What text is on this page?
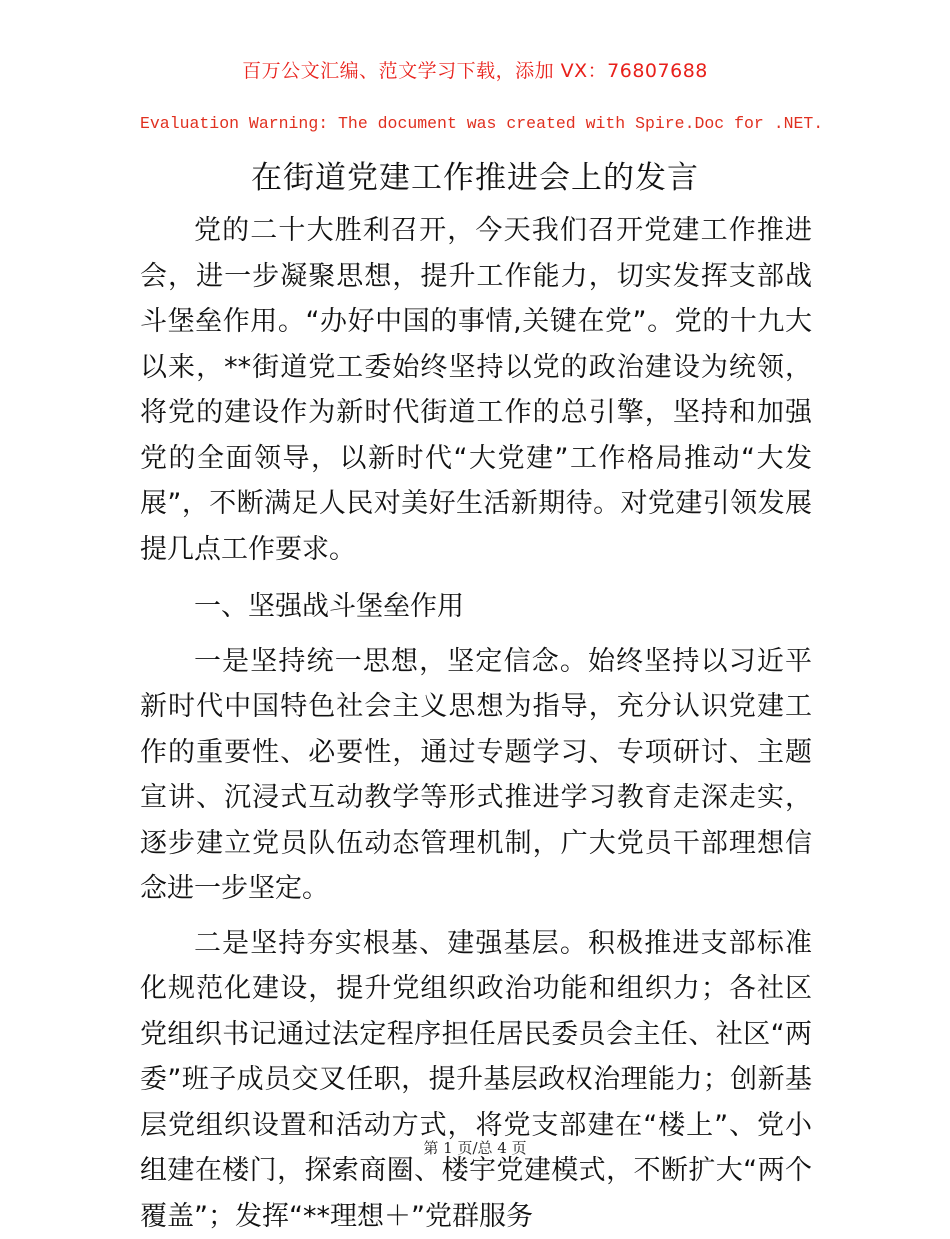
百万公文汇编、范文学习下载，添加 VX：76807688
Evaluation Warning: The document was created with Spire.Doc for .NET.
在街道党建工作推进会上的发言

党的二十大胜利召开，今天我们召开党建工作推进会，进一步凝聚思想，提升工作能力，切实发挥支部战斗堡垒作用。“办好中国的事情,关键在党”。党的十九大以来，**街道党工委始终坚持以党的政治建设为统领，将党的建设作为新时代街道工作的总引擎，坚持和加强党的全面领导，以新时代“大党建”工作格局推动“大发展”，不断满足人民对美好生活新期待。对党建引领发展提几点工作要求。

一、坚强战斗堡垒作用

一是坚持统一思想，坚定信念。始终坚持以习近平新时代中国特色社会主义思想为指导，充分认识党建工作的重要性、必要性，通过专题学习、专项研讨、主题宣讲、沉浸式互动教学等形式推进学习教育走深走实，逐步建立党员队伍动态管理机制，广大党员干部理想信念进一步坚定。

二是坚持夯实根基、建强基层。积极推进支部标准化规范化建设，提升党组织政治功能和组织力；各社区党组织书记通过法定程序担任居民委员会主任、社区“两委”班子成员交叉任职，提升基层政权治理能力；创新基层党组织设置和活动方式，将党支部建在“楼上”、党小组建在楼门，探索商圈、楼宇党建模式，不断扩大“两个覆盖”；发挥“**理想＋”党群服务

第 1 页/总 4 页
